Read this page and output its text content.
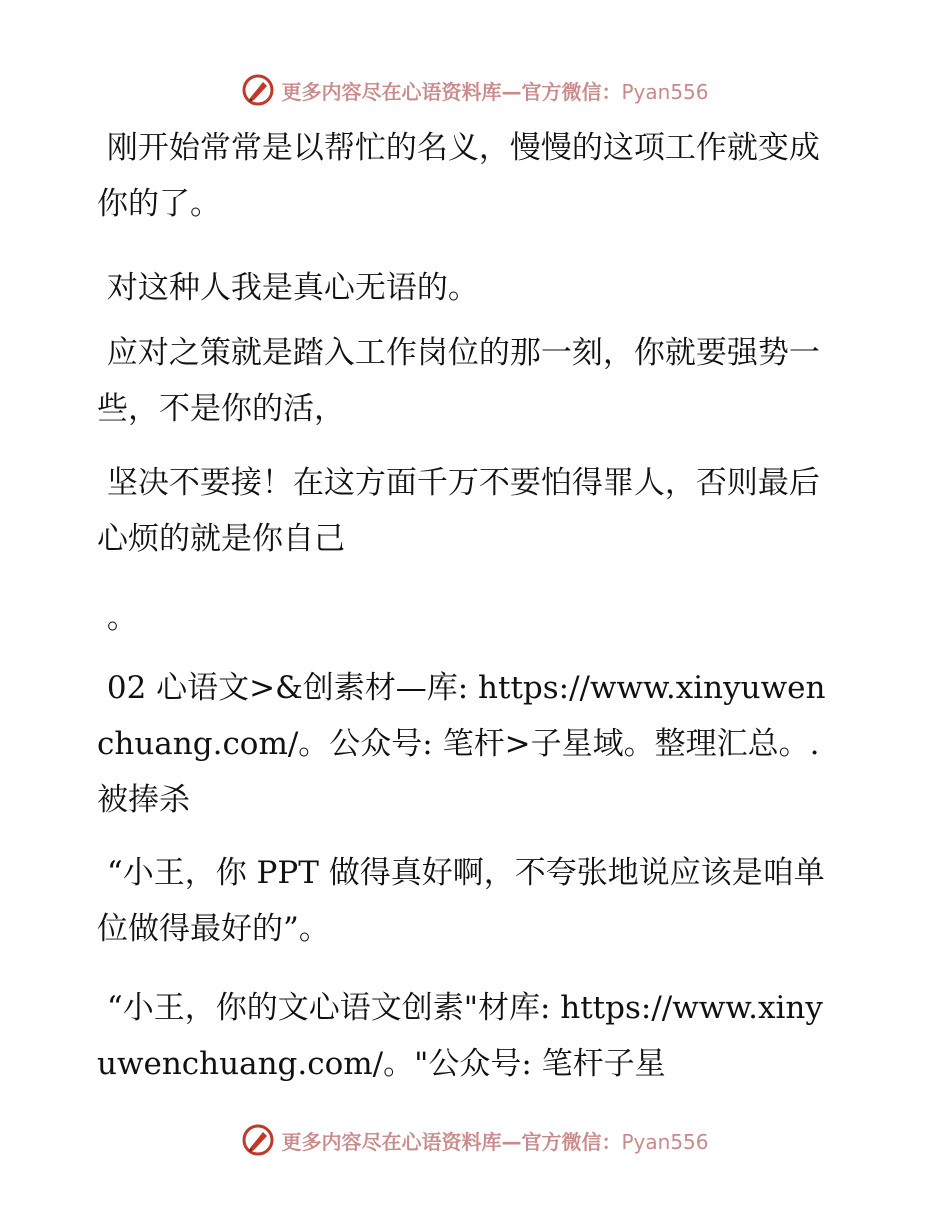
更多内容尽在心语资料库—官方微信：Pyan556

刚开始常常是以帮忙的名义，慢慢的这项工作就变成你的了。

对这种人我是真心无语的。

应对之策就是踏入工作岗位的那一刻，你就要强势一些，不是你的活，

坚决不要接！在这方面千万不要怕得罪人，否则最后心烦的就是你自己

。

02 心语文>&创素材—库: https://www.xinyuwenchuang.com/。公众号: 笔杆>子星域。整理汇总。.被捧杀

“小王，你 PPT 做得真好啊，不夸张地说应该是咱单位做得最好的”。

“小王，你的文心语文创素"材库: https://www.xinyuwenchuang.com/。"公众号: 笔杆子星

更多内容尽在心语资料库—官方微信：Pyan556
